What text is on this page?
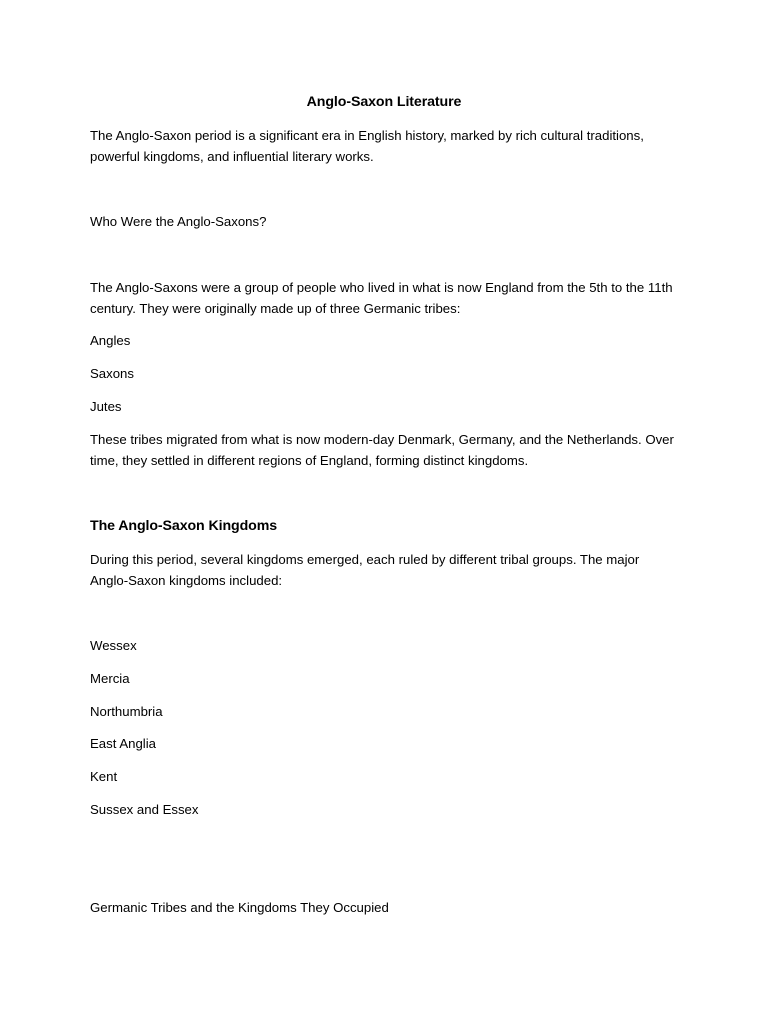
Anglo-Saxon Literature

The Anglo-Saxon period is a significant era in English history, marked by rich cultural traditions, powerful kingdoms, and influential literary works.

Who Were the Anglo-Saxons?

The Anglo-Saxons were a group of people who lived in what is now England from the 5th to the 11th century. They were originally made up of three Germanic tribes:

Angles

Saxons

Jutes

These tribes migrated from what is now modern-day Denmark, Germany, and the Netherlands. Over time, they settled in different regions of England, forming distinct kingdoms.

The Anglo-Saxon Kingdoms

During this period, several kingdoms emerged, each ruled by different tribal groups. The major Anglo-Saxon kingdoms included:

Wessex

Mercia

Northumbria

East Anglia

Kent

Sussex and Essex

Germanic Tribes and the Kingdoms They Occupied
